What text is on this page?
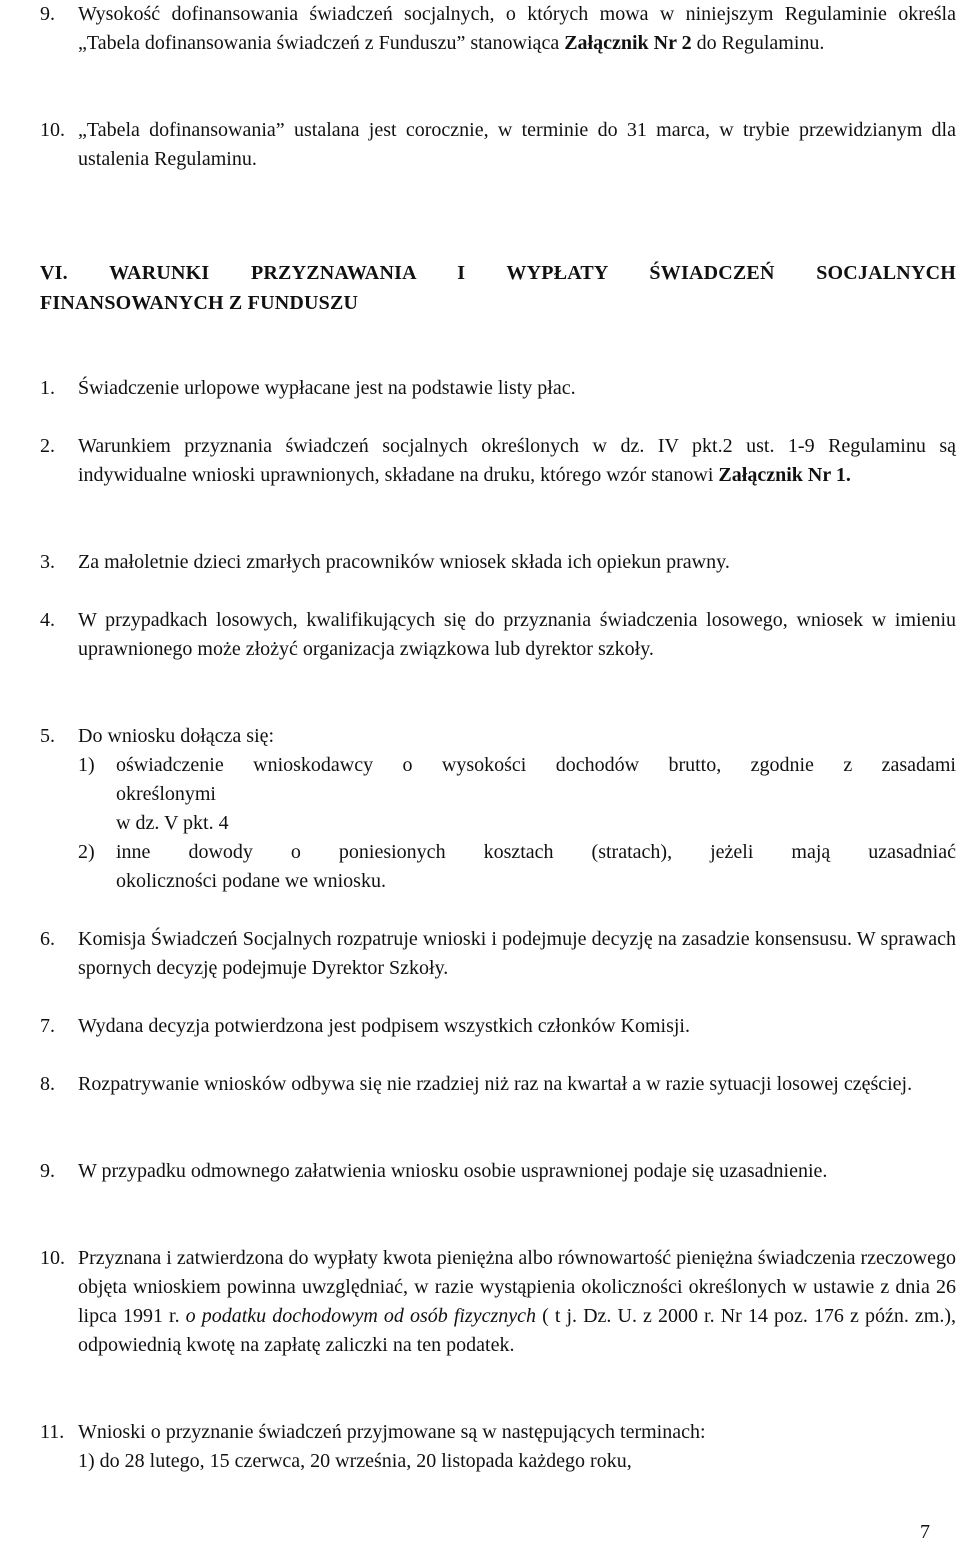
9. Wysokość dofinansowania świadczeń socjalnych, o których mowa w niniejszym Regulaminie określa „Tabela dofinansowania świadczeń z Funduszu” stanowiąca Załącznik Nr 2 do Regulaminu.
10. „Tabela dofinansowania” ustalana jest corocznie, w terminie do 31 marca, w trybie przewidzianym dla ustalenia Regulaminu.
VI. WARUNKI PRZYZNAWANIA I WYPŁATY ŚWIADCZEŃ SOCJALNYCH
FINANSOWANYCH Z FUNDUSZU
1. Świadczenie urlopowe wypłacane jest na podstawie listy płac.
2. Warunkiem przyznania świadczeń socjalnych określonych w dz. IV pkt.2 ust. 1-9 Regulaminu są indywidualne wnioski uprawnionych, składane na druku, którego wzór stanowi Załącznik Nr 1.
3. Za małoletnie dzieci zmarłych pracowników wniosek składa ich opiekun prawny.
4. W przypadkach losowych, kwalifikujących się do przyznania świadczenia losowego, wniosek w imieniu uprawnionego może złożyć organizacja związkowa lub dyrektor szkoły.
5. Do wniosku dołącza się:
1) oświadczenie wnioskodawcy o wysokości dochodów brutto, zgodnie z zasadami
określonymi
w dz. V pkt. 4
2) inne dowody o poniesionych kosztach (stratach), jeżeli mają uzasadniać
okoliczności podane we wniosku.
6. Komisja Świadczeń Socjalnych rozpatruje wnioski i podejmuje decyzję na zasadzie konsensusu. W sprawach spornych decyzję podejmuje Dyrektor Szkoły.
7. Wydana decyzja potwierdzona jest podpisem wszystkich członków Komisji.
8. Rozpatrywanie wniosków odbywa się nie rzadziej niż raz na kwartał a w razie sytuacji losowej częściej.
9. W przypadku odmownego załatwienia wniosku osobie usprawnionej podaje się uzasadnienie.
10. Przyznana i zatwierdzona do wypłaty kwota pieniężna albo równowartość pieniężna świadczenia rzeczowego objęta wnioskiem powinna uwzględniać, w razie wystąpienia okoliczności określonych w ustawie z dnia 26 lipca 1991 r. o podatku dochodowym od osób fizycznych ( t j. Dz. U. z 2000 r. Nr 14 poz. 176 z późn. zm.), odpowiednią kwotę na zapłatę zaliczki na ten podatek.
11. Wnioski o przyznanie świadczeń przyjmowane są w następujących terminach:
1) do 28 lutego, 15 czerwca, 20 września, 20 listopada każdego roku,
7
